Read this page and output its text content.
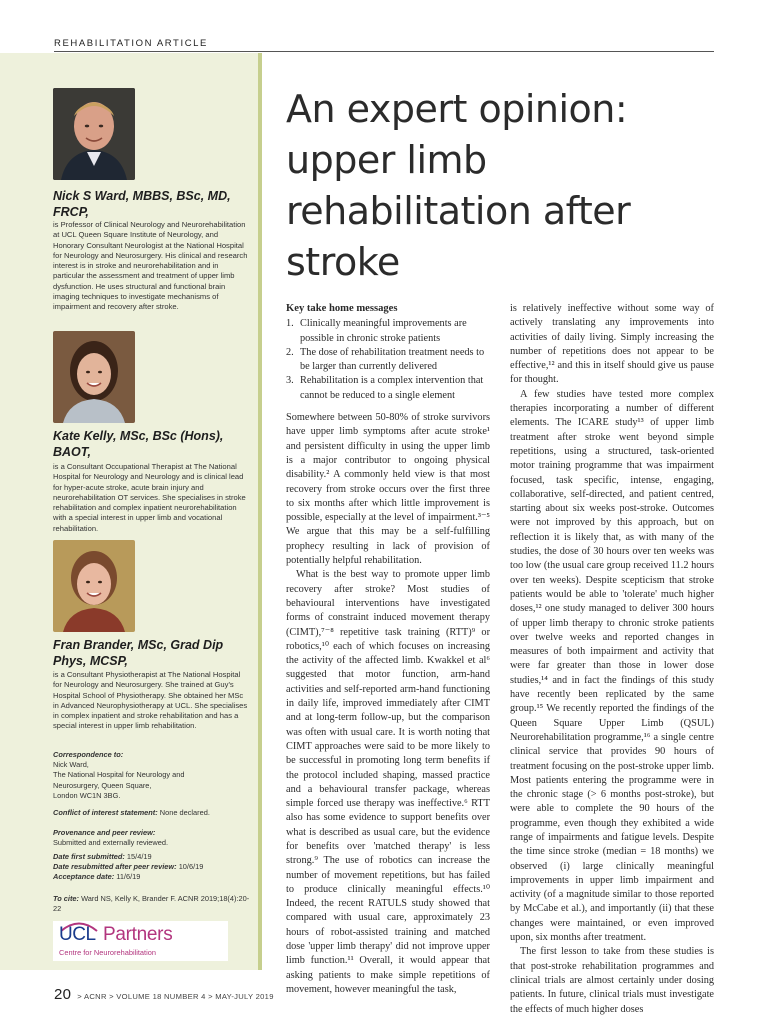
REHABILITATION ARTICLE
Nick S Ward, MBBS, BSc, MD, FRCP,
is Professor of Clinical Neurology and Neurorehabilitation at UCL Queen Square Institute of Neurology, and Honorary Consultant Neurologist at the National Hospital for Neurology and Neurosurgery. His clinical and research interest is in stroke and neurorehabilitation and in particular the assessment and treatment of upper limb dysfunction. He uses structural and functional brain imaging techniques to investigate mechanisms of impairment and recovery after stroke.
Kate Kelly, MSc, BSc (Hons), BAOT,
is a Consultant Occupational Therapist at The National Hospital for Neurology and Neurology and is clinical lead for hyper-acute stroke, acute brain injury and neurorehabilitation OT services. She specialises in stroke rehabilitation and complex inpatient neurorehabilitation with a special interest in upper limb and vocational rehabilitation.
Fran Brander, MSc, Grad Dip Phys, MCSP,
is a Consultant Physiotherapist at The National Hospital for Neurology and Neurosurgery. She trained at Guy's Hospital School of Physiotherapy. She obtained her MSc in Advanced Neurophysiotherapy at UCL. She specialises in complex inpatient and stroke rehabilitation and has a special interest in upper limb rehabilitation.
Correspondence to:
Nick Ward,
The National Hospital for Neurology and
Neurosurgery, Queen Square,
London WC1N 3BG.
Conflict of interest statement: None declared.
Provenance and peer review:
Submitted and externally reviewed.
Date first submitted: 15/4/19
Date resubmitted after peer review: 10/6/19
Acceptance date: 11/6/19
To cite: Ward NS, Kelly K, Brander F. ACNR 2019;18(4):20-22
UCL Partners
Centre for Neurorehabilitation
An expert opinion: upper limb rehabilitation after stroke
Key take home messages
1. Clinically meaningful improvements are possible in chronic stroke patients
2. The dose of rehabilitation treatment needs to be larger than currently delivered
3. Rehabilitation is a complex intervention that cannot be reduced to a single element

Somewhere between 50-80% of stroke survivors have upper limb symptoms after acute stroke¹ and persistent difficulty in using the upper limb is a major contributor to ongoing physical disability.² A commonly held view is that most recovery from stroke occurs over the first three to six months after which little improvement is possible, especially at the level of impairment.³⁻⁵ We argue that this may be a self-fulfilling prophecy resulting in lack of provision of potentially helpful rehabilitation.

What is the best way to promote upper limb recovery after stroke? Most studies of behavioural interventions have investigated forms of constraint induced movement therapy (CIMT),⁷⁻⁸ repetitive task training (RTT)⁹ or robotics,¹⁰ each of which focuses on increasing the activity of the affected limb. Kwakkel et al⁶ suggested that motor function, arm-hand activities and self-reported arm-hand functioning in daily life, improved immediately after CIMT and at long-term follow-up, but the comparison was often with usual care. It is worth noting that CIMT approaches were said to be more likely to be successful in promoting long term benefits if the protocol included shaping, massed practice and a behavioural transfer package, whereas simple forced use therapy was ineffective.⁶ RTT also has some evidence to support benefits over what is described as usual care, but the evidence for benefits over 'matched therapy' is less strong.⁹ The use of robotics can increase the number of movement repetitions, but has failed to produce clinically meaningful effects.¹⁰ Indeed, the recent RATULS study showed that compared with usual care, approximately 23 hours of robot-assisted training and matched dose 'upper limb therapy' did not improve upper limb function.¹¹ Overall, it would appear that asking patients to make simple repetitions of movement, however meaningful the task,

is relatively ineffective without some way of actively translating any improvements into activities of daily living. Simply increasing the number of repetitions does not appear to be effective,¹² and this in itself should give us pause for thought.

A few studies have tested more complex therapies incorporating a number of different elements. The ICARE study¹³ of upper limb treatment after stroke went beyond simple repetitions, using a structured, task-oriented motor training programme that was impairment focused, task specific, intense, engaging, collaborative, self-directed, and patient centred, starting about six weeks post-stroke. Outcomes were not improved by this approach, but on reflection it is likely that, as with many of the studies, the dose of 30 hours over ten weeks was too low (the usual care group received 11.2 hours over ten weeks). Despite scepticism that stroke patients would be able to 'tolerate' much higher doses,¹² one study managed to deliver 300 hours of upper limb therapy to chronic stroke patients over twelve weeks and reported changes in measures of both impairment and activity that were far greater than those in lower dose studies,¹⁴ and in fact the findings of this study have recently been replicated by the same group.¹⁵ We recently reported the findings of the Queen Square Upper Limb (QSUL) Neurorehabilitation programme,¹⁶ a single centre clinical service that provides 90 hours of treatment focusing on the post-stroke upper limb. Most patients entering the programme were in the chronic stage (> 6 months post-stroke), but were able to complete the 90 hours of the programme, even though they exhibited a wide range of impairments and fatigue levels. Despite the time since stroke (median = 18 months) we observed (i) large clinically meaningful improvements in upper limb impairment and activity (of a magnitude similar to those reported by McCabe et al.), and importantly (ii) that these changes were maintained, or even improved upon, six months after treatment.

The first lesson to take from these studies is that post-stroke rehabilitation programmes and clinical trials are almost certainly under dosing patients. In future, clinical trials must investigate the effects of much higher doses

20 > ACNR > VOLUME 18 NUMBER 4 > MAY-JULY 2019
